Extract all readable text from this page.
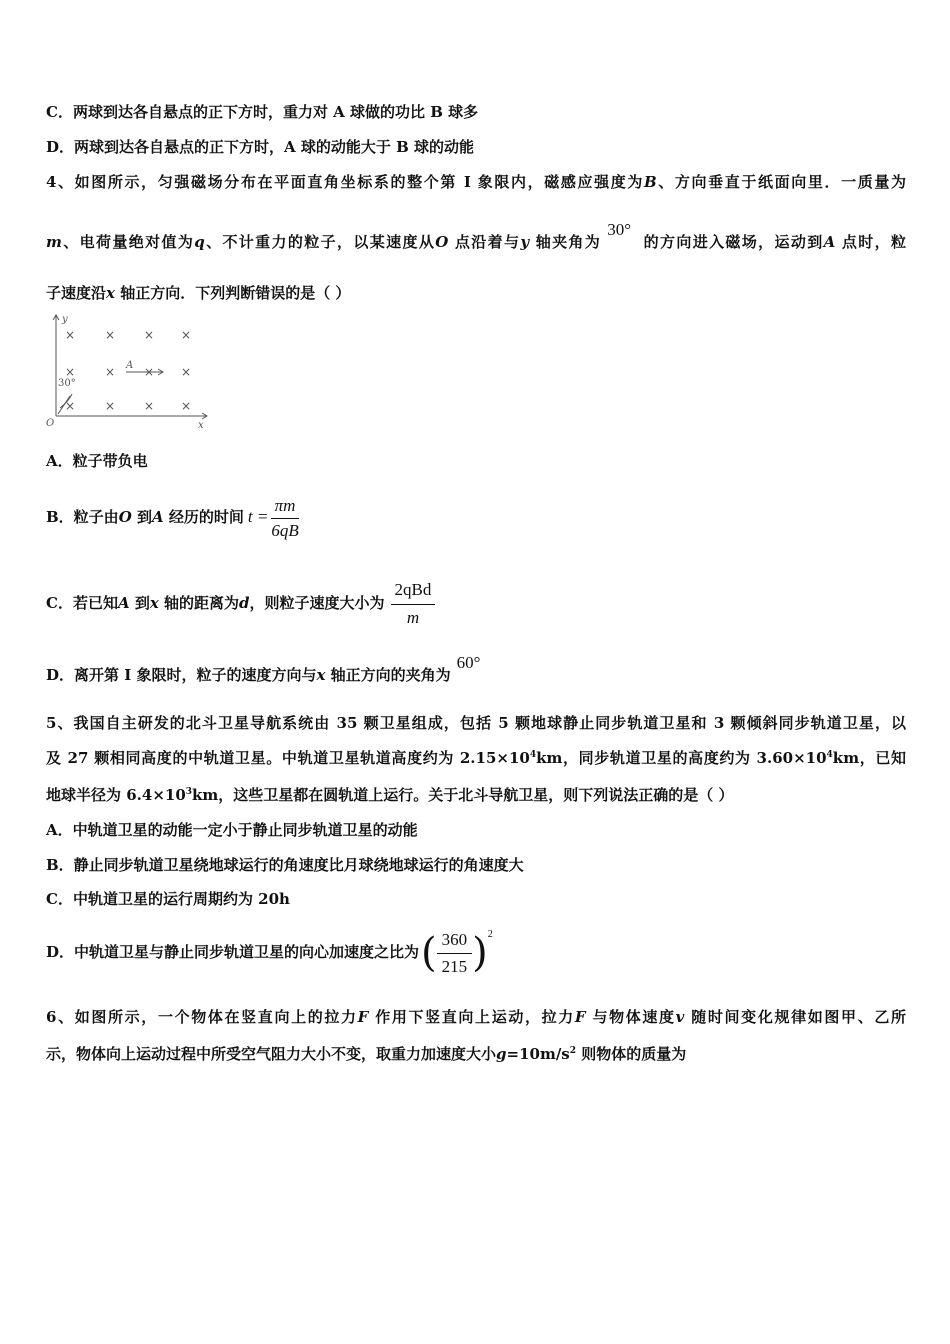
C．两球到达各自悬点的正下方时，重力对 A 球做的功比 B 球多
D．两球到达各自悬点的正下方时，A 球的动能大于 B 球的动能
4、如图所示，匀强磁场分布在平面直角坐标系的整个第 I 象限内，磁感应强度为B、方向垂直于纸面向里．一质量为
m、电荷量绝对值为q、不计重力的粒子，以某速度从O 点沿着与y 轴夹角为30° 的方向进入磁场，运动到A 点时，粒
子速度沿x 轴正方向．下列判断错误的是（ ）
× × × ×
× × × ×
× × × ×
y
x
O
A
30°
A．粒子带负电
B．粒子由O 到A 经历的时间 $t = \frac{\pi m}{6qB}$
C．若已知A 到x 轴的距离为d，则粒子速度大小为 $\frac{\text{2qBd}}{m}$
D．离开第 Ⅰ 象限时，粒子的速度方向与x 轴正方向的夹角为60°
5、我国自主研发的北斗卫星导航系统由 35 颗卫星组成，包括 5 颗地球静止同步轨道卫星和 3 颗倾斜同步轨道卫星，以
及 27 颗相同高度的中轨道卫星。中轨道卫星轨道高度约为 $2.15\times 10^4km$，同步轨道卫星的高度约为 $3.60\times 10^4km$，已知
地球半径为 $6.4\times 10^3km$，这些卫星都在圆轨道上运行。关于北斗导航卫星，则下列说法正确的是（ ）
A．中轨道卫星的动能一定小于静止同步轨道卫星的动能
B．静止同步轨道卫星绕地球运行的角速度比月球绕地球运行的角速度大
C．中轨道卫星的运行周期约为 20h
D．中轨道卫星与静止同步轨道卫星的向心加速度之比为( $\frac{360}{215} )^2$
6、如图所示，一个物体在竖直向上的拉力F 作用下竖直向上运动，拉力F 与物体速度v 随时间变化规律如图甲、乙所
示，物体向上运动过程中所受空气阻力大小不变，取重力加速度大小$g=10m/s^2$ 则物体的质量为
